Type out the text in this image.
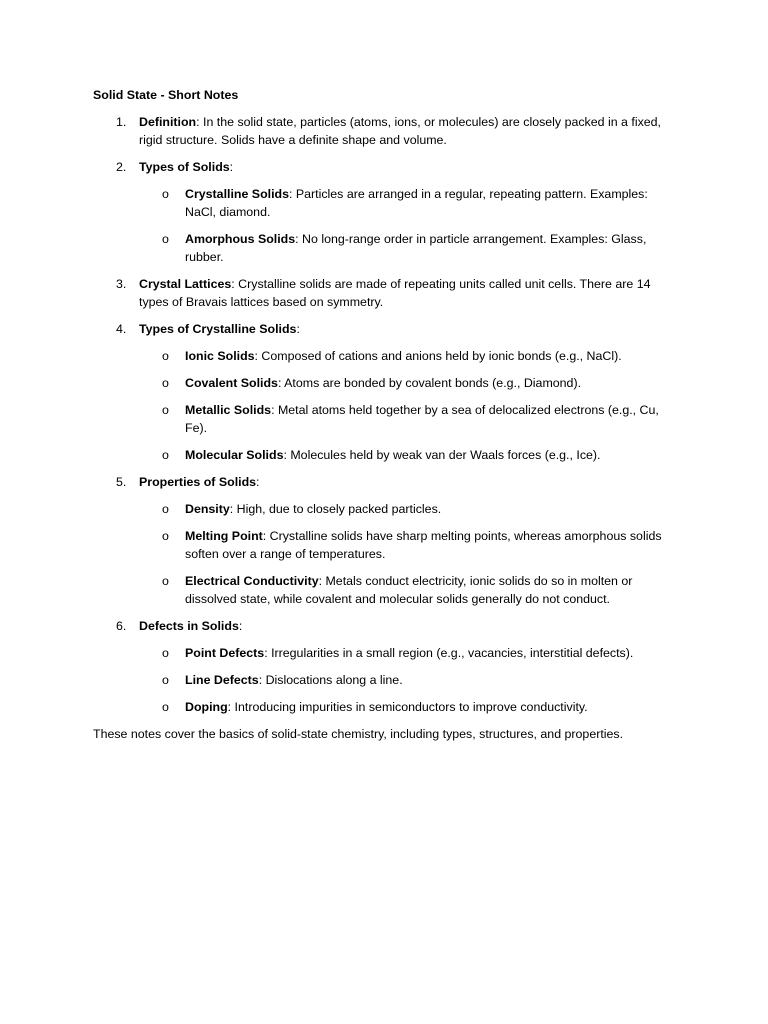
Solid State - Short Notes

1. Definition: In the solid state, particles (atoms, ions, or molecules) are closely packed in a fixed, rigid structure. Solids have a definite shape and volume.
2. Types of Solids:
o Crystalline Solids: Particles are arranged in a regular, repeating pattern. Examples: NaCl, diamond.
o Amorphous Solids: No long-range order in particle arrangement. Examples: Glass, rubber.
3. Crystal Lattices: Crystalline solids are made of repeating units called unit cells. There are 14 types of Bravais lattices based on symmetry.
4. Types of Crystalline Solids:
o Ionic Solids: Composed of cations and anions held by ionic bonds (e.g., NaCl).
o Covalent Solids: Atoms are bonded by covalent bonds (e.g., Diamond).
o Metallic Solids: Metal atoms held together by a sea of delocalized electrons (e.g., Cu, Fe).
o Molecular Solids: Molecules held by weak van der Waals forces (e.g., Ice).
5. Properties of Solids:
o Density: High, due to closely packed particles.
o Melting Point: Crystalline solids have sharp melting points, whereas amorphous solids soften over a range of temperatures.
o Electrical Conductivity: Metals conduct electricity, ionic solids do so in molten or dissolved state, while covalent and molecular solids generally do not conduct.
6. Defects in Solids:
o Point Defects: Irregularities in a small region (e.g., vacancies, interstitial defects).
o Line Defects: Dislocations along a line.
o Doping: Introducing impurities in semiconductors to improve conductivity.

These notes cover the basics of solid-state chemistry, including types, structures, and properties.
